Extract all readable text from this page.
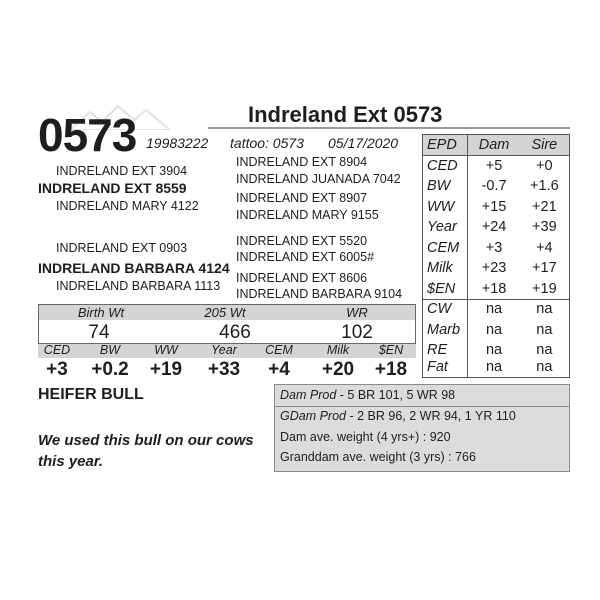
0573	Indreland Ext 0573
19983222 tattoo: 0573 05/17/2020
INDRELAND EXT 3904
INDRELAND EXT 8559
INDRELAND MARY 4122
INDRELAND EXT 8904
INDRELAND JUANADA 7042
INDRELAND EXT 8907
INDRELAND MARY 9155
INDRELAND EXT 0903
INDRELAND BARBARA 4124
INDRELAND BARBARA 1113
INDRELAND EXT 5520
INDRELAND EXT 6005#
INDRELAND EXT 8606
INDRELAND BARBARA 9104
EPD	Dam	Sire
CED	+5	+0
BW	-0.7	+1.6
WW	+15	+21
Year	+24	+39
CEM	+3	+4
Milk	+23	+17
$EN	+18	+19
CW	na	na
Marb	na	na
RE	na	na
Fat	na	na
Birth Wt	205 Wt	WR
74	466	102
CED	BW	WW	Year	CEM	Milk	$EN
+3	+0.2	+19	+33	+4	+20	+18
HEIFER BULL
We used this bull on our cows this year.
Dam Prod - 5 BR 101, 5 WR 98
GDam Prod - 2 BR 96, 2 WR 94, 1 YR 110
Dam ave. weight (4 yrs+) : 920
Granddam ave. weight (3 yrs) : 766
